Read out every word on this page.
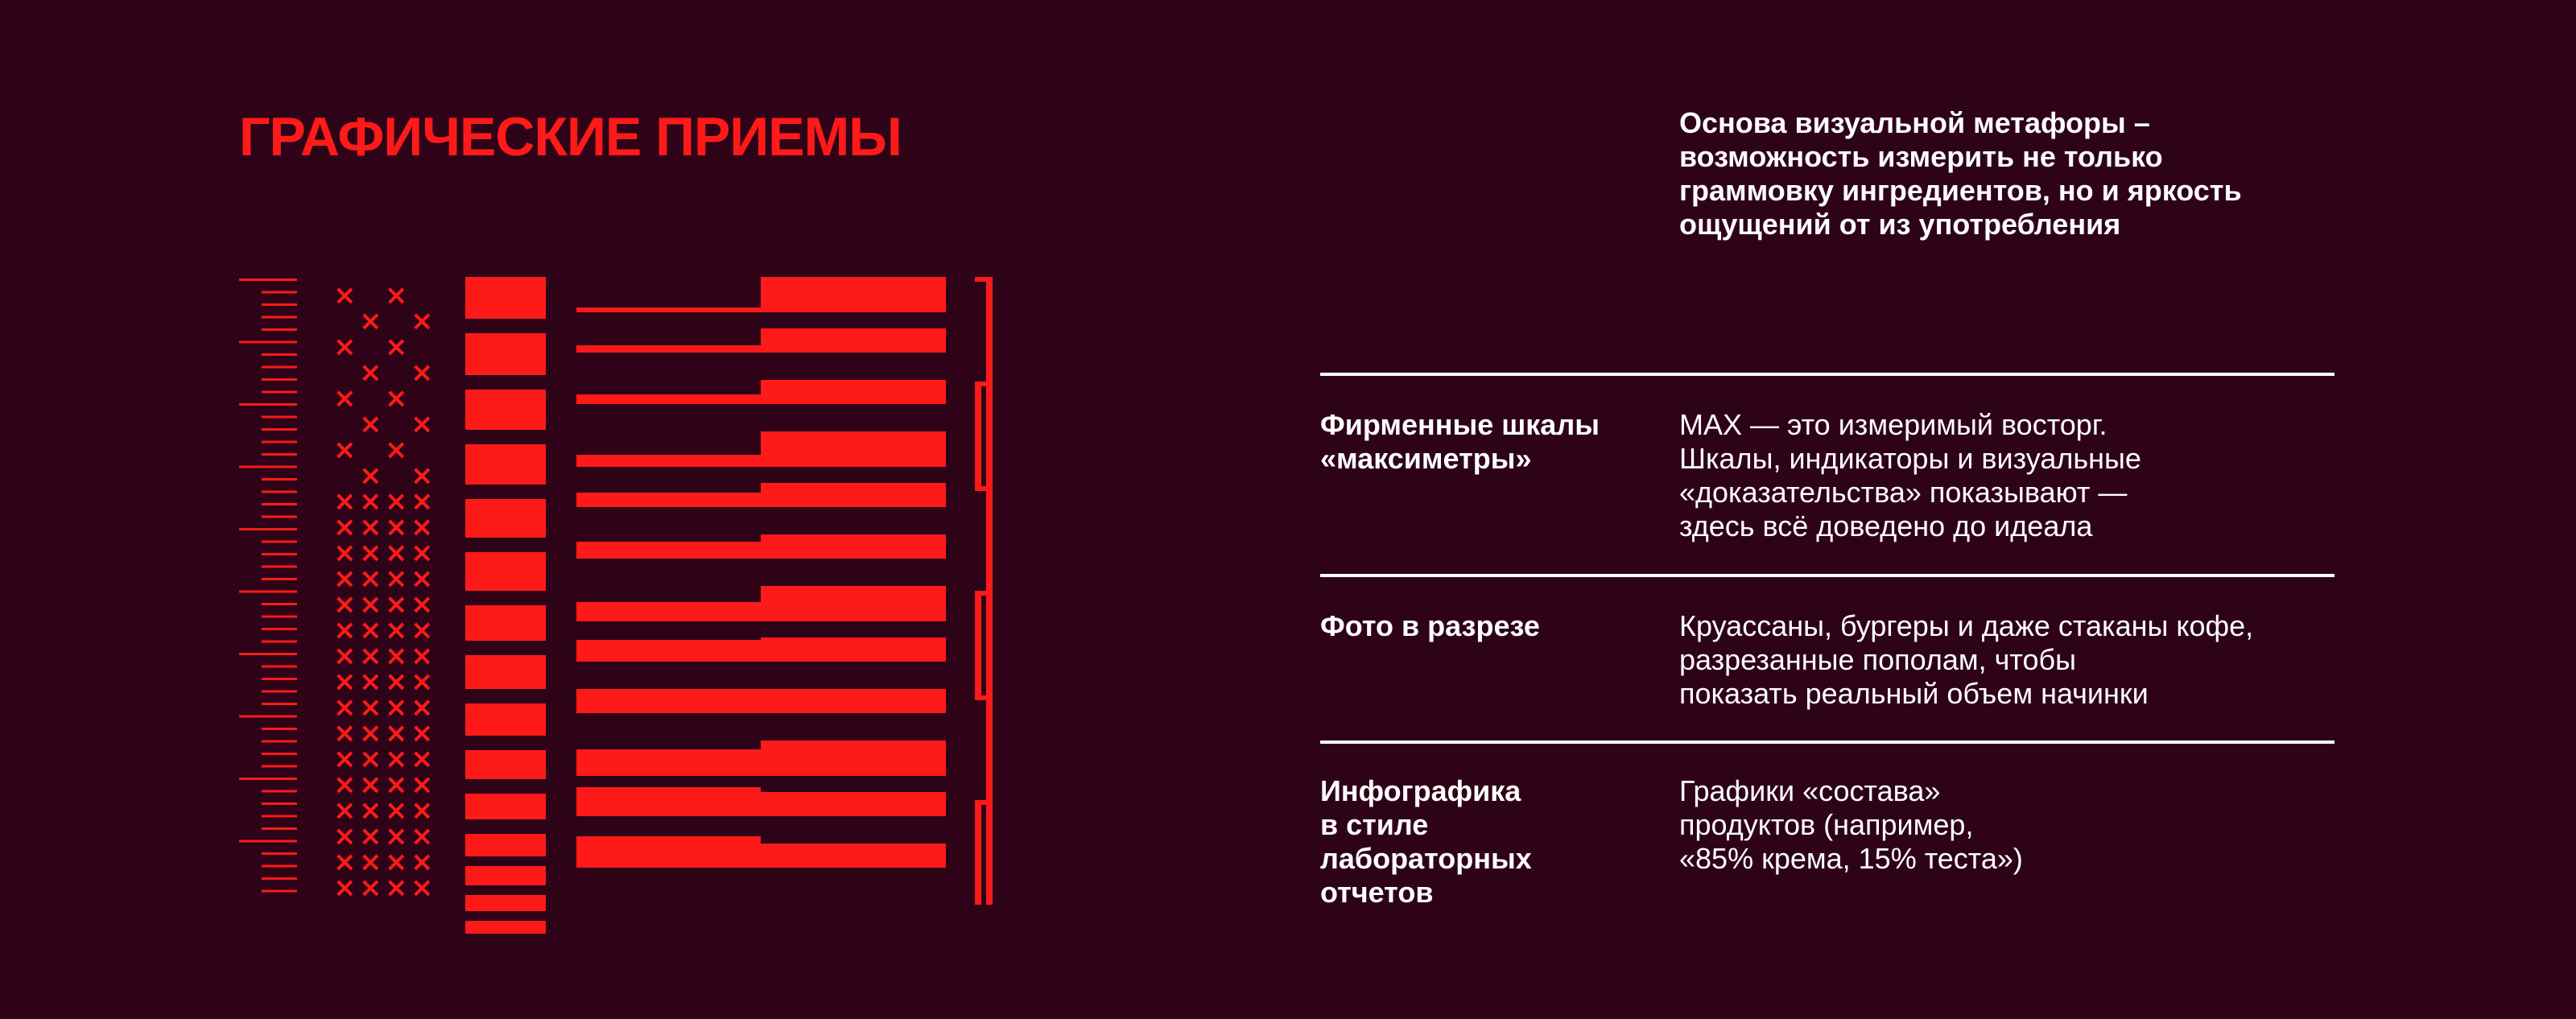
ГРАФИЧЕСКИЕ ПРИЕМЫ	Основа визуальной метафоры –
возможность измерить не только
граммовку ингредиентов, но и яркость
ощущений от из употребления

× ×
× ×
× ×
× ×
× ×
× ×
× ×
× ×
× × × ×
× × × ×
× × × ×
× × × ×
× × × ×
× × × ×
× × × ×
× × × ×
× × × ×
× × × ×
× × × ×
× × × ×
× × × ×
× × × ×
× × × ×
× × × ×

Фирменные шкалы
«максиметры»

MAX — это измеримый восторг.
Шкалы, индикаторы и визуальные
«доказательства» показывают —
здесь всё доведено до идеала

Фото в разрезе	Круассаны, бургеры и даже стаканы кофе,
разрезанные пополам, чтобы
показать реальный объем начинки

Инфографика
в стиле
лабораторных
отчетов

Графики «состава»
продуктов (например,
«85% крема, 15% теста»)
